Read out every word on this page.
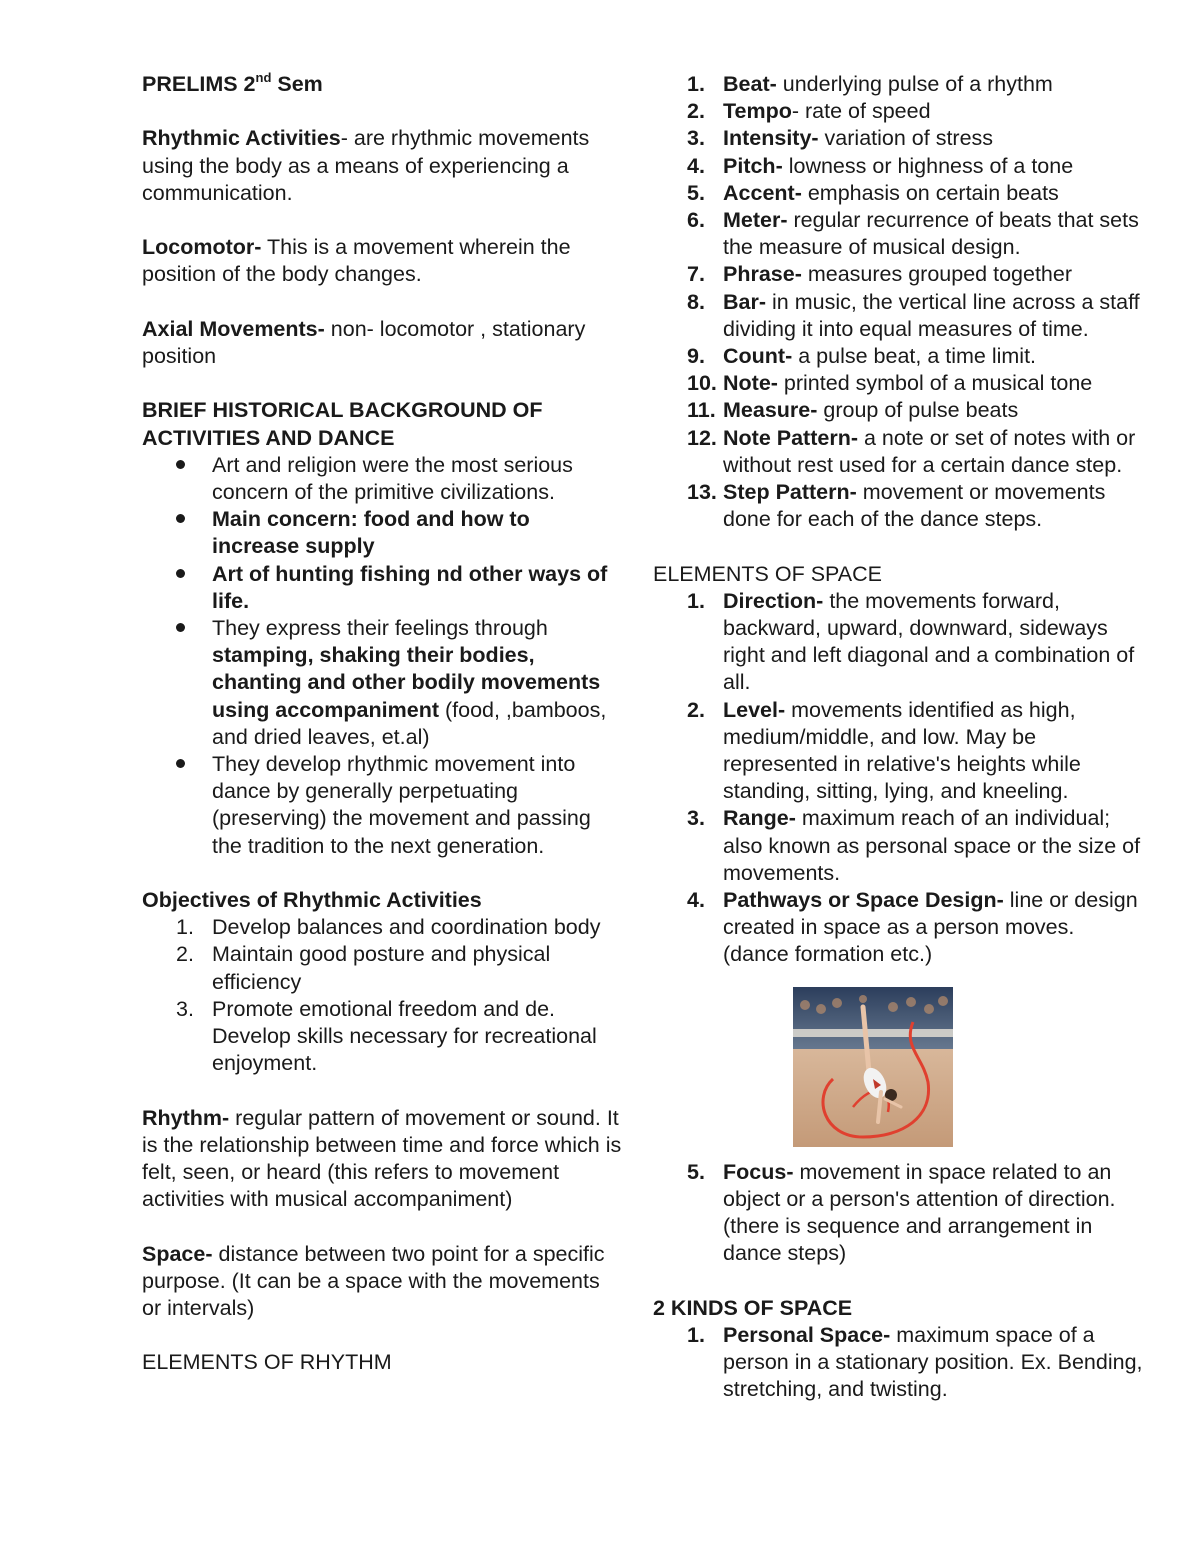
PRELIMS 2nd Sem

Rhythmic Activities- are rhythmic movements using the body as a means of experiencing a communication.

Locomotor- This is a movement wherein the position of the body changes.

Axial Movements- non- locomotor , stationary position

BRIEF HISTORICAL BACKGROUND OF ACTIVITIES AND DANCE

Art and religion were the most serious concern of the primitive civilizations.
Main concern: food and how to increase supply
Art of hunting fishing nd other ways of life.
They express their feelings through stamping, shaking their bodies, chanting and other bodily movements using accompaniment (food, ,bamboos, and dried leaves, et.al)
They develop rhythmic movement into dance by generally perpetuating (preserving) the movement and passing the tradition to the next generation.

Objectives of Rhythmic Activities

1. Develop balances and coordination body
2. Maintain good posture and physical efficiency
3. Promote emotional freedom and de. Develop skills necessary for recreational enjoyment.

Rhythm- regular pattern of movement or sound. It is the relationship between time and force which is felt, seen, or heard (this refers to movement activities with musical accompaniment)

Space- distance between two point for a specific purpose. (It can be a space with the movements or intervals)

ELEMENTS OF RHYTHM

1. Beat- underlying pulse of a rhythm
2. Tempo- rate of speed
3. Intensity- variation of stress
4. Pitch- lowness or highness of a tone
5. Accent- emphasis on certain beats
6. Meter- regular recurrence of beats that sets the measure of musical design.
7. Phrase- measures grouped together
8. Bar- in music, the vertical line across a staff dividing it into equal measures of time.
9. Count- a pulse beat, a time limit.
10. Note- printed symbol of a musical tone
11. Measure- group of pulse beats
12. Note Pattern- a note or set of notes with or without rest used for a certain dance step.
13. Step Pattern- movement or movements done for each of the dance steps.

ELEMENTS OF SPACE

1. Direction- the movements forward, backward, upward, downward, sideways right and left diagonal and a combination of all.
2. Level- movements identified as high, medium/middle, and low. May be represented in relative's heights while standing, sitting, lying, and kneeling.
3. Range- maximum reach of an individual; also known as personal space or the size of movements.
4. Pathways or Space Design- line or design created in space as a person moves. (dance formation etc.)
5. Focus- movement in space related to an object or a person's attention of direction. (there is sequence and arrangement in dance steps)

2 KINDS OF SPACE

1. Personal Space- maximum space of a person in a stationary position. Ex. Bending, stretching, and twisting.
